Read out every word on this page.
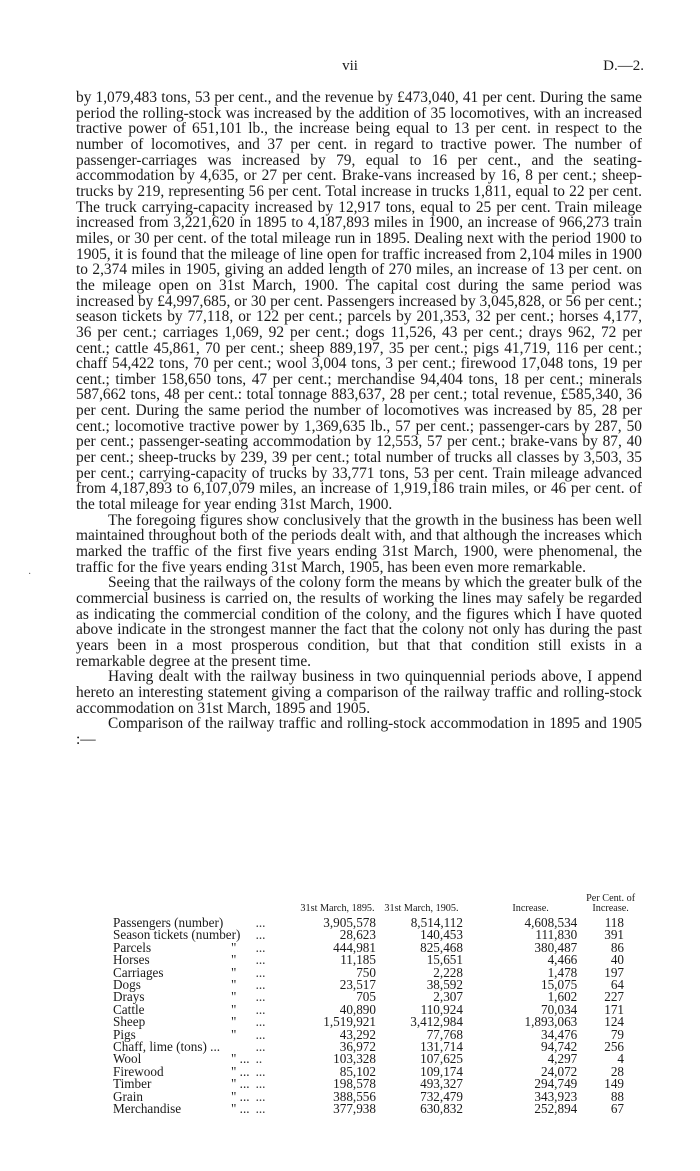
vii	D.—2.

by 1,079,483 tons, 53 per cent., and the revenue by £473,040, 41 per cent. During the same period the rolling-stock was increased by the addition of 35 locomotives, with an increased tractive power of 651,101 lb., the increase being equal to 13 per cent. in respect to the number of locomotives, and 37 per cent. in regard to tractive power. The number of passenger-carriages was increased by 79, equal to 16 per cent., and the seating-accommodation by 4,635, or 27 per cent. Brake-vans increased by 16, 8 per cent.; sheep-trucks by 219, representing 56 per cent. Total increase in trucks 1,811, equal to 22 per cent. The truck carrying-capacity increased by 12,917 tons, equal to 25 per cent. Train mileage increased from 3,221,620 in 1895 to 4,187,893 miles in 1900, an increase of 966,273 train miles, or 30 per cent. of the total mileage run in 1895. Dealing next with the period 1900 to 1905, it is found that the mileage of line open for traffic increased from 2,104 miles in 1900 to 2,374 miles in 1905, giving an added length of 270 miles, an increase of 13 per cent. on the mileage open on 31st March, 1900. The capital cost during the same period was increased by £4,997,685, or 30 per cent. Passengers increased by 3,045,828, or 56 per cent.; season tickets by 77,118, or 122 per cent.; parcels by 201,353, 32 per cent.; horses 4,177, 36 per cent.; carriages 1,069, 92 per cent.; dogs 11,526, 43 per cent.; drays 962, 72 per cent.; cattle 45,861, 70 per cent.; sheep 889,197, 35 per cent.; pigs 41,719, 116 per cent.; chaff 54,422 tons, 70 per cent.; wool 3,004 tons, 3 per cent.; firewood 17,048 tons, 19 per cent.; timber 158,650 tons, 47 per cent.; merchandise 94,404 tons, 18 per cent.; minerals 587,662 tons, 48 per cent.: total tonnage 883,637, 28 per cent.; total revenue, £585,340, 36 per cent. During the same period the number of locomotives was increased by 85, 28 per cent.; locomotive tractive power by 1,369,635 lb., 57 per cent.; passenger-cars by 287, 50 per cent.; passenger-seating accommodation by 12,553, 57 per cent.; brake-vans by 87, 40 per cent.; sheep-trucks by 239, 39 per cent.; total number of trucks all classes by 3,503, 35 per cent.; carrying-capacity of trucks by 33,771 tons, 53 per cent. Train mileage advanced from 4,187,893 to 6,107,079 miles, an increase of 1,919,186 train miles, or 46 per cent. of the total mileage for year ending 31st March, 1900.

The foregoing figures show conclusively that the growth in the business has been well maintained throughout both of the periods dealt with, and that although the increases which marked the traffic of the first five years ending 31st March, 1900, were phenomenal, the traffic for the five years ending 31st March, 1905, has been even more remarkable.

Seeing that the railways of the colony form the means by which the greater bulk of the commercial business is carried on, the results of working the lines may safely be regarded as indicating the commercial condition of the colony, and the figures which I have quoted above indicate in the strongest manner the fact that the colony not only has during the past years been in a most prosperous condition, but that that condition still exists in a remarkable degree at the present time.

Having dealt with the railway business in two quinquennial periods above, I append hereto an interesting statement giving a comparison of the railway traffic and rolling-stock accommodation on 31st March, 1895 and 1905.

Comparison of the railway traffic and rolling-stock accommodation in 1895 and 1905 :—

		31st March, 1895.	31st March, 1905.	Increase.	Per Cent. of Increase.
Passengers (number)	...	3,905,578	8,514,112	4,608,534	118
Season tickets (number)	...	28,623	140,453	111,830	391
Parcels "	...	444,981	825,468	380,487	86
Horses "	...	11,185	15,651	4,466	40
Carriages "	...	750	2,228	1,478	197
Dogs "	...	23,517	38,592	15,075	64
Drays "	...	705	2,307	1,602	227
Cattle "	...	40,890	110,924	70,034	171
Sheep "	...	1,519,921	3,412,984	1,893,063	124
Pigs "	...	43,292	77,768	34,476	79
Chaff, lime (tons) ...	...	36,972	131,714	94,742	256
Wool " ...	..	103,328	107,625	4,297	4
Firewood " ...	...	85,102	109,174	24,072	28
Timber " ...	...	198,578	493,327	294,749	149
Grain " ...	...	388,556	732,479	343,923	88
Merchandise " ...	...	377,938	630,832	252,894	67
·
